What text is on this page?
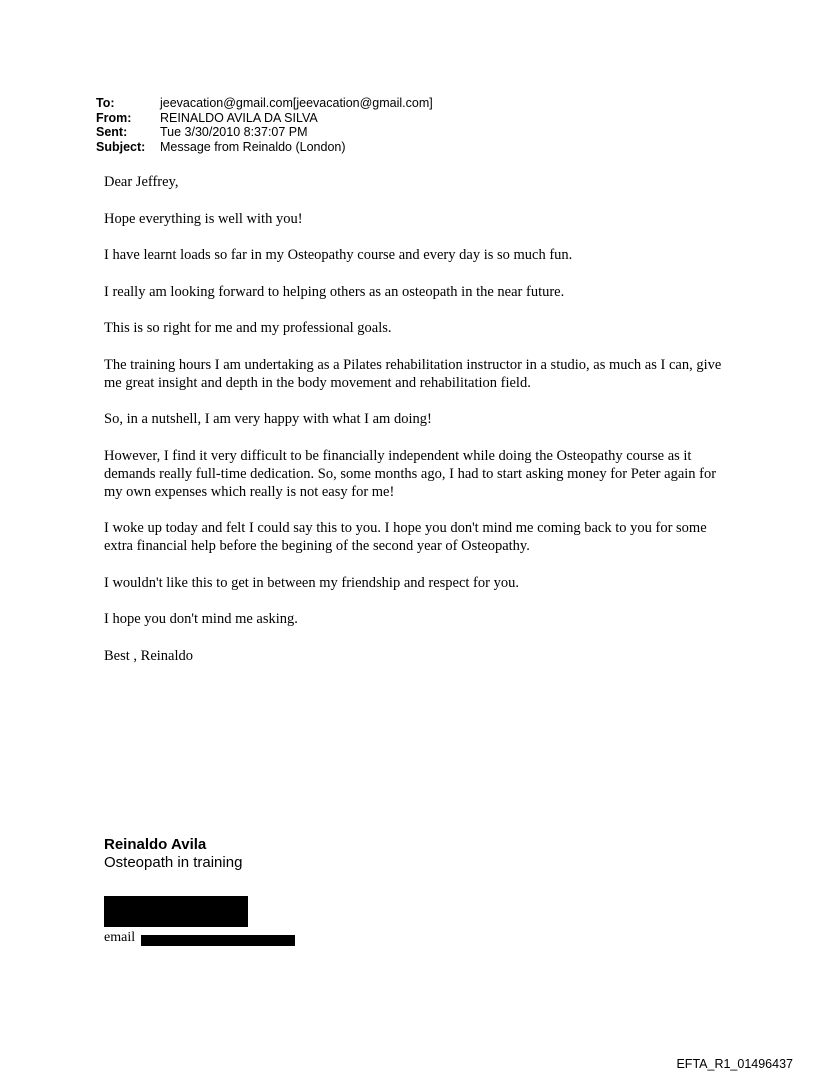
To:	jeevacation@gmail.com[jeevacation@gmail.com]
From:	REINALDO AVILA DA SILVA
Sent:	Tue 3/30/2010 8:37:07 PM
Subject:	Message from Reinaldo (London)

Dear Jeffrey,

Hope everything is well with you!

I have learnt loads so far in my Osteopathy course and every day is so much fun.

I really am looking forward to helping others as an osteopath in the near future.

This is so right for me and my professional goals.

The training hours I am undertaking as a Pilates rehabilitation instructor in a studio, as much as I can, give me great insight and depth in the body movement and rehabilitation field.

So, in a nutshell, I am very happy with what I am doing!

However, I find it very difficult to be financially independent while doing the Osteopathy course as it demands really full-time dedication. So, some months ago, I had to start asking money for Peter again for my own expenses which really is not easy for me!

I woke up today and felt I could say this to you. I hope you don't mind me coming back to you for some extra financial help before the begining of the second year of Osteopathy.

I wouldn't like this to get in between my friendship and respect for you.

I hope you don't mind me asking.

Best , Reinaldo

Reinaldo Avila
Osteopath in training
email
EFTA_R1_01496437
